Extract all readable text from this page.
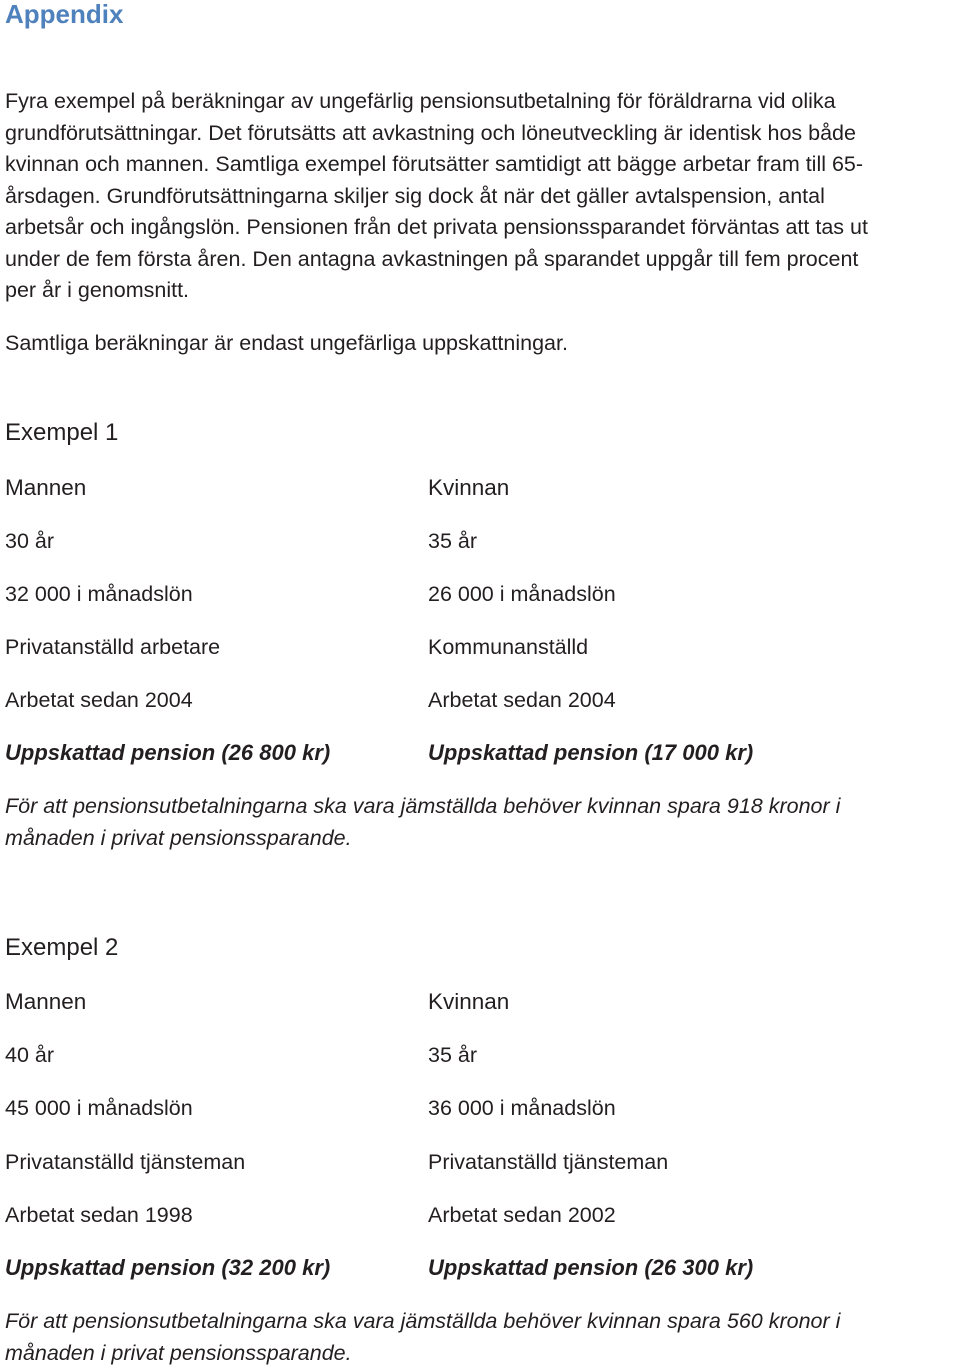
Appendix

Fyra exempel på beräkningar av ungefärlig pensionsutbetalning för föräldrarna vid olika
grundförutsättningar. Det förutsätts att avkastning och löneutveckling är identisk hos både
kvinnan och mannen. Samtliga exempel förutsätter samtidigt att bägge arbetar fram till 65-
årsdagen. Grundförutsättningarna skiljer sig dock åt när det gäller avtalspension, antal
arbetsår och ingångslön. Pensionen från det privata pensionssparandet förväntas att tas ut
under de fem första åren. Den antagna avkastningen på sparandet uppgår till fem procent
per år i genomsnitt.

Samtliga beräkningar är endast ungefärliga uppskattningar.

Exempel 1
Mannen	Kvinnan
30 år	35 år
32 000 i månadslön	26 000 i månadslön
Privatanställd arbetare	Kommunanställd
Arbetat sedan 2004	Arbetat sedan 2004
Uppskattad pension (26 800 kr)	Uppskattad pension (17 000 kr)

För att pensionsutbetalningarna ska vara jämställda behöver kvinnan spara 918 kronor i
månaden i privat pensionssparande.

Exempel 2
Mannen	Kvinnan
40 år	35 år
45 000 i månadslön	36 000 i månadslön
Privatanställd tjänsteman	Privatanställd tjänsteman
Arbetat sedan 1998	Arbetat sedan 2002
Uppskattad pension (32 200 kr)	Uppskattad pension (26 300 kr)

För att pensionsutbetalningarna ska vara jämställda behöver kvinnan spara 560 kronor i
månaden i privat pensionssparande.
